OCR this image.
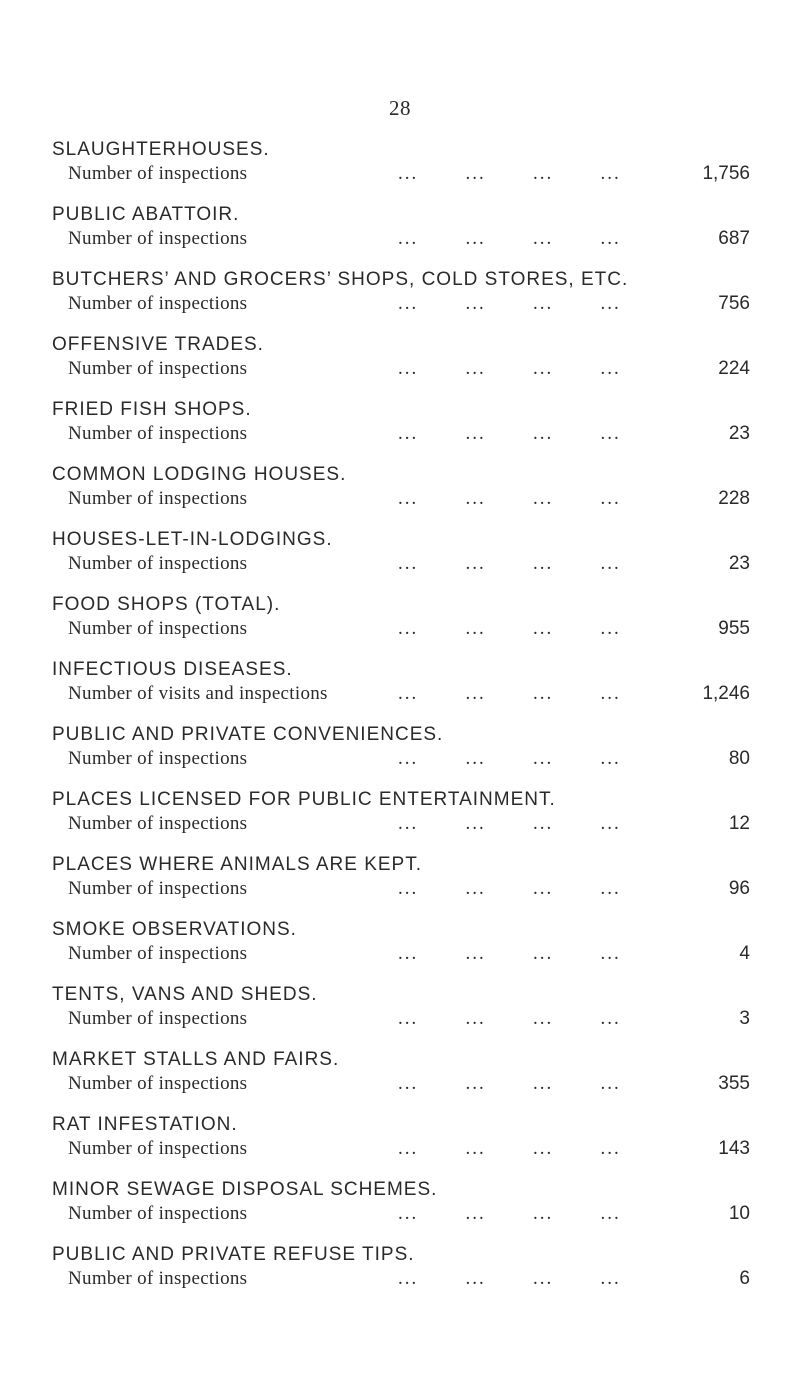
28
SLAUGHTERHOUSES.
Number of inspections	...       ...       ...       ...	1,756
PUBLIC ABATTOIR.
Number of inspections	...       ...       ...       ...	687
BUTCHERS’ AND GROCERS’ SHOPS, COLD STORES, ETC.
Number of inspections	...       ...       ...       ...	756
OFFENSIVE TRADES.
Number of inspections	...       ...       ...       ...	224
FRIED FISH SHOPS.
Number of inspections	...       ...       ...       ...	23
COMMON LODGING HOUSES.
Number of inspections	...       ...       ...       ...	228
HOUSES-LET-IN-LODGINGS.
Number of inspections	...       ...       ...       ...	23
FOOD SHOPS (TOTAL).
Number of inspections	...       ...       ...       ...	955
INFECTIOUS DISEASES.
Number of visits and inspections	...       ...       ...       ...	1,246
PUBLIC AND PRIVATE CONVENIENCES.
Number of inspections	...       ...       ...       ...	80
PLACES LICENSED FOR PUBLIC ENTERTAINMENT.
Number of inspections	...       ...       ...       ...	12
PLACES WHERE ANIMALS ARE KEPT.
Number of inspections	...       ...       ...       ...	96
SMOKE OBSERVATIONS.
Number of inspections	...       ...       ...       ...	4
TENTS, VANS AND SHEDS.
Number of inspections	...       ...       ...       ...	3
MARKET STALLS AND FAIRS.
Number of inspections	...       ...       ...       ...	355
RAT INFESTATION.
Number of inspections	...       ...       ...       ...	143
MINOR SEWAGE DISPOSAL SCHEMES.
Number of inspections	...       ...       ...       ...	10
PUBLIC AND PRIVATE REFUSE TIPS.
Number of inspections	...       ...       ...       ...	6
